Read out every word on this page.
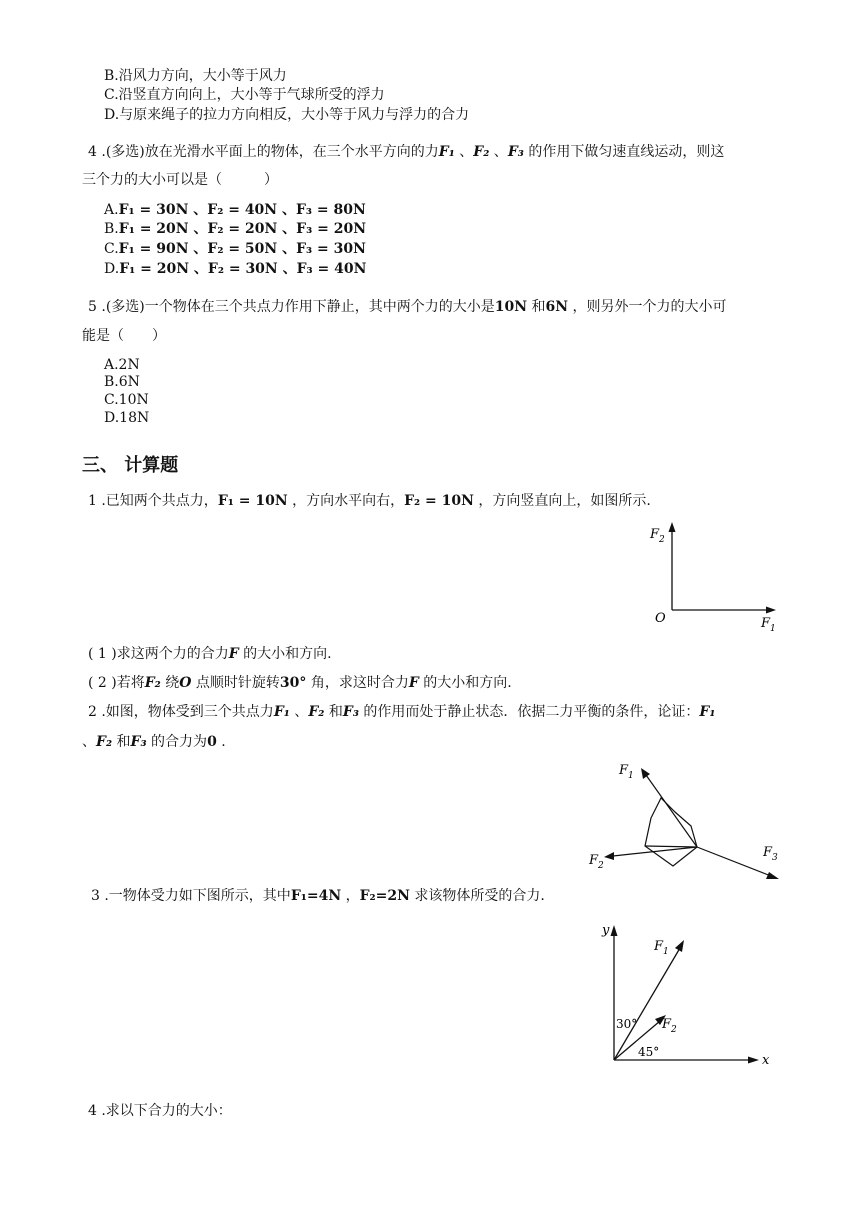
B.沿风力方向，大小等于风力
C.沿竖直方向向上，大小等于气球所受的浮力
D.与原来绳子的拉力方向相反，大小等于风力与浮力的合力
4 .(多选)放在光滑水平面上的物体，在三个水平方向的力F₁ 、F₂ 、F₃ 的作用下做匀速直线运动，则这
三个力的大小可以是（　　　）
A.F₁ = 30N 、F₂ = 40N 、F₃ = 80N
B.F₁ = 20N 、F₂ = 20N 、F₃ = 20N
C.F₁ = 90N 、F₂ = 50N 、F₃ = 30N
D.F₁ = 20N 、F₂ = 30N 、F₃ = 40N
5 .(多选)一个物体在三个共点力作用下静止，其中两个力的大小是10N 和6N ，则另外一个力的大小可
能是（　　）
A.2N
B.6N
C.10N
D.18N
三、 计算题
1 .已知两个共点力，F₁ = 10N ，方向水平向右，F₂ = 10N ，方向竖直向上，如图所示.
$F_2$
O	$F_1$
( 1 )求这两个力的合力F 的大小和方向.
( 2 )若将F₂ 绕O 点顺时针旋转30° 角，求这时合力F 的大小和方向.
2 .如图，物体受到三个共点力F₁ 、F₂ 和F₃ 的作用而处于静止状态．依据二力平衡的条件，论证：F₁
、F₂ 和F₃ 的合力为0 .
$F_1$
$F_2$
$F_3$
3 .一物体受力如下图所示，其中F₁=4N ，F₂=2N 求该物体所受的合力.
y
x
$F_1$
$F_2$
30°
45°
4 .求以下合力的大小：
